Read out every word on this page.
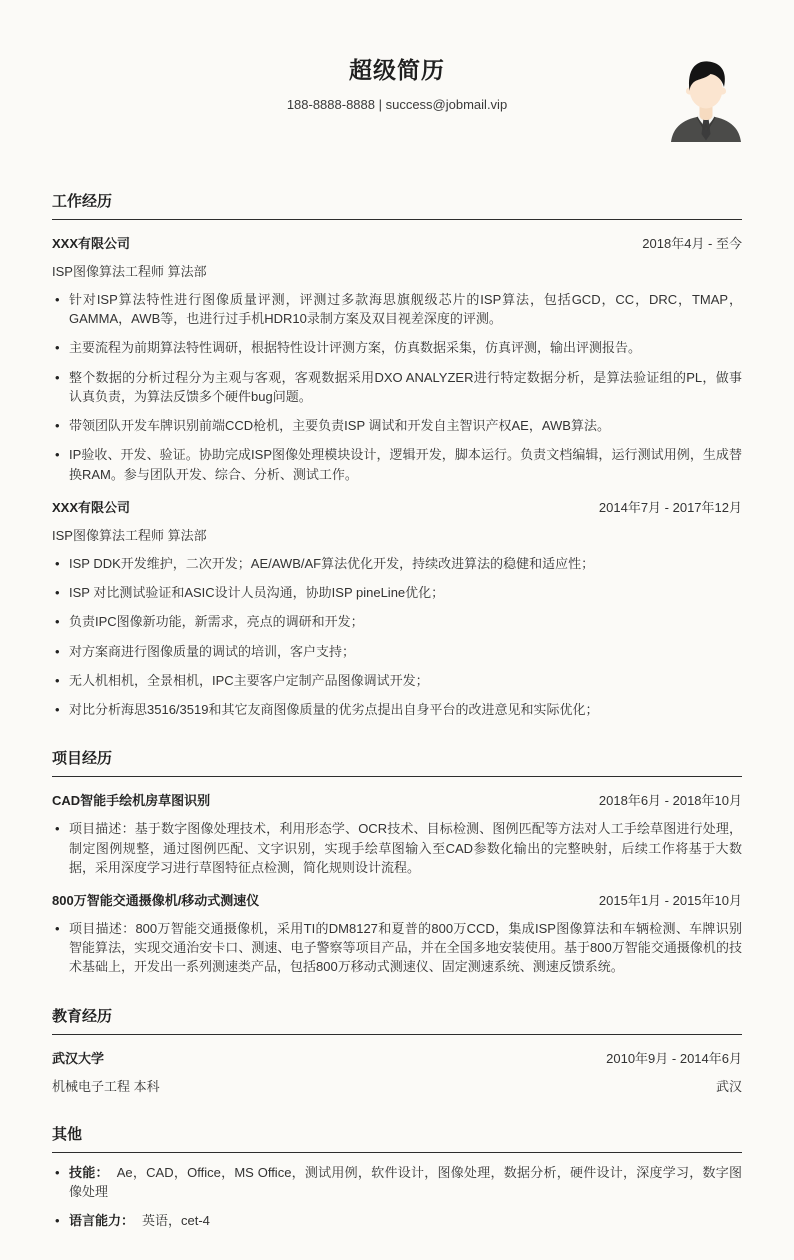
超级简历
188-8888-8888 | success@jobmail.vip
工作经历
XXX有限公司	2018年4月 - 至今
ISP图像算法工程师 算法部
• 针对ISP算法特性进行图像质量评测，评测过多款海思旗舰级芯片的ISP算法，包括GCD，CC，DRC，TMAP，GAMMA，AWB等，也进行过手机HDR10录制方案及双目视差深度的评测。
• 主要流程为前期算法特性调研，根据特性设计评测方案，仿真数据采集，仿真评测，输出评测报告。
• 整个数据的分析过程分为主观与客观，客观数据采用DXO ANALYZER进行特定数据分析，是算法验证组的PL，做事认真负责，为算法反馈多个硬件bug问题。
• 带领团队开发车牌识别前端CCD枪机，主要负责ISP 调试和开发自主智识产权AE，AWB算法。
• IP验收、开发、验证。协助完成ISP图像处理模块设计，逻辑开发，脚本运行。负责文档编辑，运行测试用例，生成替换RAM。参与团队开发、综合、分析、测试工作。
XXX有限公司	2014年7月 - 2017年12月
ISP图像算法工程师 算法部
• ISP DDK开发维护，二次开发；AE/AWB/AF算法优化开发，持续改进算法的稳健和适应性；
• ISP 对比测试验证和ASIC设计人员沟通，协助ISP pineLine优化；
• 负责IPC图像新功能，新需求，亮点的调研和开发；
• 对方案商进行图像质量的调试的培训，客户支持；
• 无人机相机，全景相机，IPC主要客户定制产品图像调试开发；
• 对比分析海思3516/3519和其它友商图像质量的优劣点提出自身平台的改进意见和实际优化；
项目经历
CAD智能手绘机房草图识别	2018年6月 - 2018年10月
• 项目描述：基于数字图像处理技术，利用形态学、OCR技术、目标检测、图例匹配等方法对人工手绘草图进行处理，制定图例规整，通过图例匹配、文字识别，实现手绘草图输入至CAD参数化输出的完整映射，后续工作将基于大数据，采用深度学习进行草图特征点检测，简化规则设计流程。
800万智能交通摄像机/移动式测速仪	2015年1月 - 2015年10月
• 项目描述：800万智能交通摄像机，采用TI的DM8127和夏普的800万CCD，集成ISP图像算法和车辆检测、车牌识别智能算法，实现交通治安卡口、测速、电子警察等项目产品，并在全国多地安装使用。基于800万智能交通摄像机的技术基础上，开发出一系列测速类产品，包括800万移动式测速仪、固定测速系统、测速反馈系统。
教育经历
武汉大学	2010年9月 - 2014年6月
机械电子工程 本科	武汉
其他
• 技能： Ae，CAD，Office，MS Office，测试用例，软件设计，图像处理，数据分析，硬件设计，深度学习，数字图像处理
• 语言能力： 英语，cet-4
